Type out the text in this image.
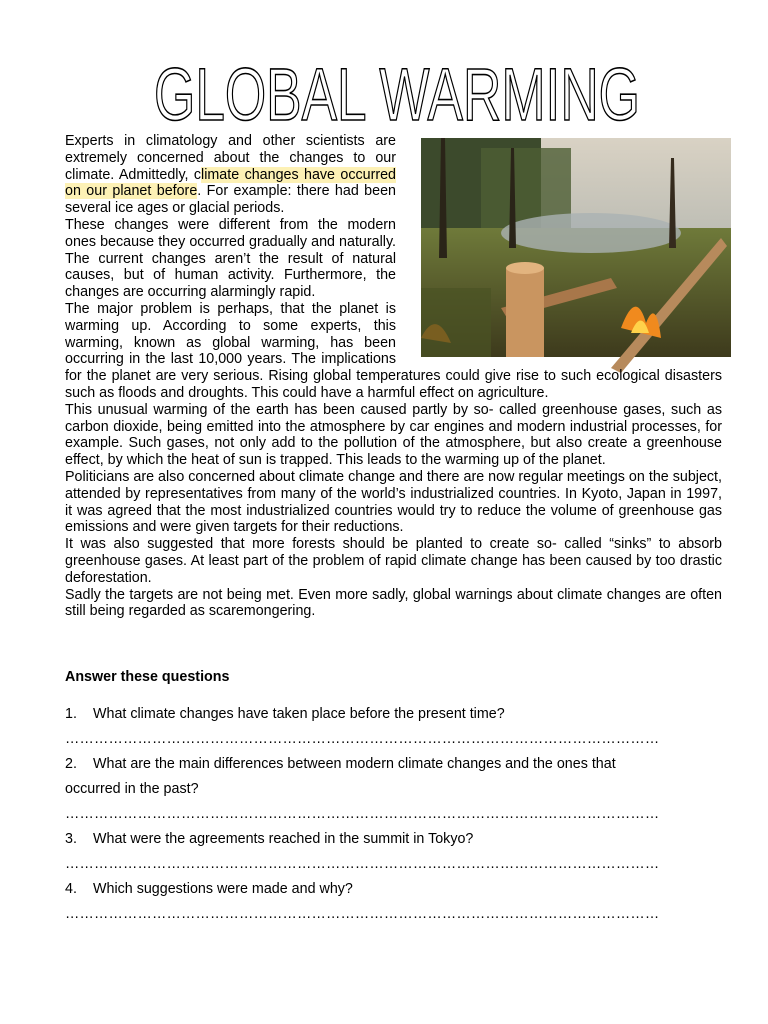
GLOBAL WARMING

Experts in climatology and other scientists are extremely concerned about the changes to our climate. Admittedly, climate changes have occurred on our planet before. For example: there had been several ice ages or glacial periods.

These changes were different from the modern ones because they occurred gradually and naturally. The current changes aren’t the result of natural causes, but of human activity. Furthermore, the changes are occurring alarmingly rapid.

The major problem is perhaps, that the planet is warming up. According to some experts, this warming, known as global warming, has been occurring in the last 10,000 years. The implications for the planet are very serious. Rising global temperatures could give rise to such ecological disasters such as floods and droughts. This could have a harmful effect on agriculture.

This unusual warming of the earth has been caused partly by so- called greenhouse gases, such as carbon dioxide, being emitted into the atmosphere by car engines and modern industrial processes, for example. Such gases, not only add to the pollution of the atmosphere, but also create a greenhouse effect, by which the heat of sun is trapped. This leads to the warming up of the planet.

Politicians are also concerned about climate change and there are now regular meetings on the subject, attended by representatives from many of the world’s industrialized countries. In Kyoto, Japan in 1997, it was agreed that the most industrialized countries would try to reduce the volume of greenhouse gas emissions and were given targets for their reductions.

It was also suggested that more forests should be planted to create so- called “sinks” to absorb greenhouse gases. At least part of the problem of rapid climate change has been caused by too drastic deforestation.

Sadly the targets are not being met. Even more sadly, global warnings about climate changes are often still being regarded as scaremongering.

Answer these questions
1. What climate changes have taken place before the present time?
……………………………………………………………………………………………………………
2. What are the main differences between modern climate changes and the ones that
occurred in the past?
……………………………………………………………………………………………………………
3. What were the agreements reached in the summit in Tokyo?
……………………………………………………………………………………………………………
4. Which suggestions were made and why?
……………………………………………………………………………………………………………
